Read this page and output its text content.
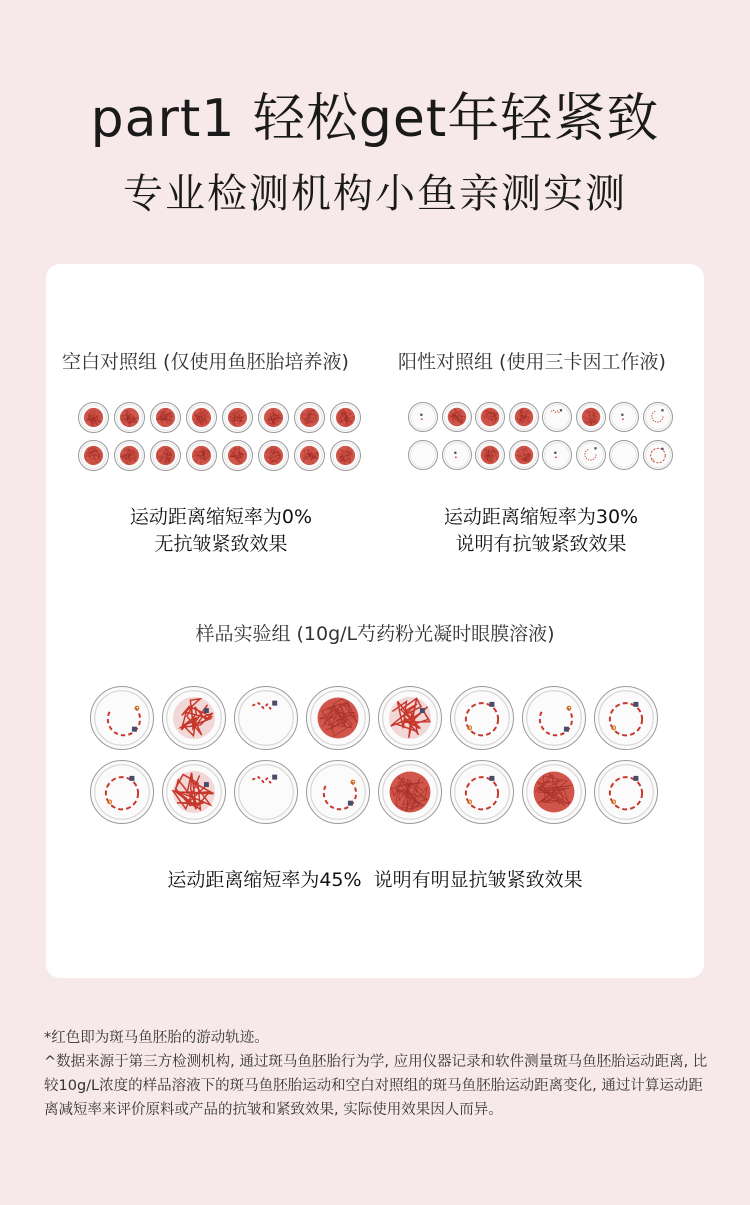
part1 轻松get年轻紧致
专业检测机构小鱼亲测实测
空白对照组 (仅使用鱼胚胎培养液)	阳性对照组 (使用三卡因工作液)
运动距离缩短率为0%
无抗皱紧致效果
运动距离缩短率为30%
说明有抗皱紧致效果
样品实验组 (10g/L芍药粉光凝时眼膜溶液)
运动距离缩短率为45%  说明有明显抗皱紧致效果
*红色即为斑马鱼胚胎的游动轨迹。
^数据来源于第三方检测机构, 通过斑马鱼胚胎行为学, 应用仪器记录和软件测量斑马鱼胚胎运动距离, 比较10g/L浓度的样品溶液下的斑马鱼胚胎运动和空白对照组的斑马鱼胚胎运动距离变化, 通过计算运动距离减短率来评价原料或产品的抗皱和紧致效果, 实际使用效果因人而异。
